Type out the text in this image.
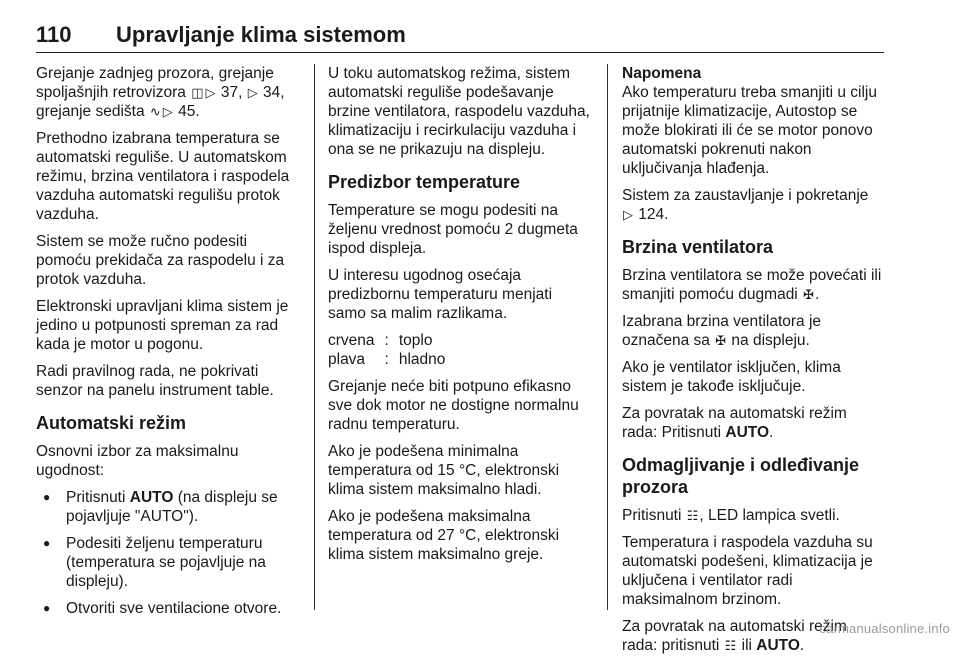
110 Upravljanje klima sistemom

Grejanje zadnjeg prozora, grejanje spoljašnjih retrovizora ◫ ▷ 37, ▷ 34, grejanje sedišta ∿ ▷ 45.

Prethodno izabrana temperatura se automatski reguliše. U automatskom režimu, brzina ventilatora i raspodela vazduha automatski regulišu protok vazduha.

Sistem se može ručno podesiti pomoću prekidača za raspodelu i za protok vazduha.

Elektronski upravljani klima sistem je jedino u potpunosti spreman za rad kada je motor u pogonu.

Radi pravilnog rada, ne pokrivati senzor na panelu instrument table.

Automatski režim

Osnovni izbor za maksimalnu ugodnost:

● Pritisnuti AUTO (na displeju se pojavljuje "AUTO").
● Podesiti željenu temperaturu (temperatura se pojavljuje na displeju).
● Otvoriti sve ventilacione otvore.

U toku automatskog režima, sistem automatski reguliše podešavanje brzine ventilatora, raspodelu vazduha, klimatizaciju i recirkulaciju vazduha i ona se ne prikazuju na displeju.

Predizbor temperature

Temperature se mogu podesiti na željenu vrednost pomoću 2 dugmeta ispod displeja.

U interesu ugodnog osećaja predizbornu temperaturu menjati samo sa malim razlikama.

crvena	:	toplo
plava	:	hladno

Grejanje neće biti potpuno efikasno sve dok motor ne dostigne normalnu radnu temperaturu.

Ako je podešena minimalna temperatura od 15 °C, elektronski klima sistem maksimalno hladi.

Ako je podešena maksimalna temperatura od 27 °C, elektronski klima sistem maksimalno greje.

Napomena

Ako temperaturu treba smanjiti u cilju prijatnije klimatizacije, Autostop se može blokirati ili će se motor ponovo automatski pokrenuti nakon uključivanja hlađenja.

Sistem za zaustavljanje i pokretanje ▷ 124.

Brzina ventilatora

Brzina ventilatora se može povećati ili smanjiti pomoću dugmadi ✠.

Izabrana brzina ventilatora je označena sa ✠ na displeju.

Ako je ventilator isključen, klima sistem je takođe isključuje.

Za povratak na automatski režim rada: Pritisnuti AUTO.

Odmagljivanje i odleđivanje prozora

Pritisnuti ☷, LED lampica svetli.

Temperatura i raspodela vazduha su automatski podešeni, klimatizacija je uključena i ventilator radi maksimalnom brzinom.

Za povratak na automatski režim rada: pritisnuti ☷ ili AUTO.

carmanualsonline.info
